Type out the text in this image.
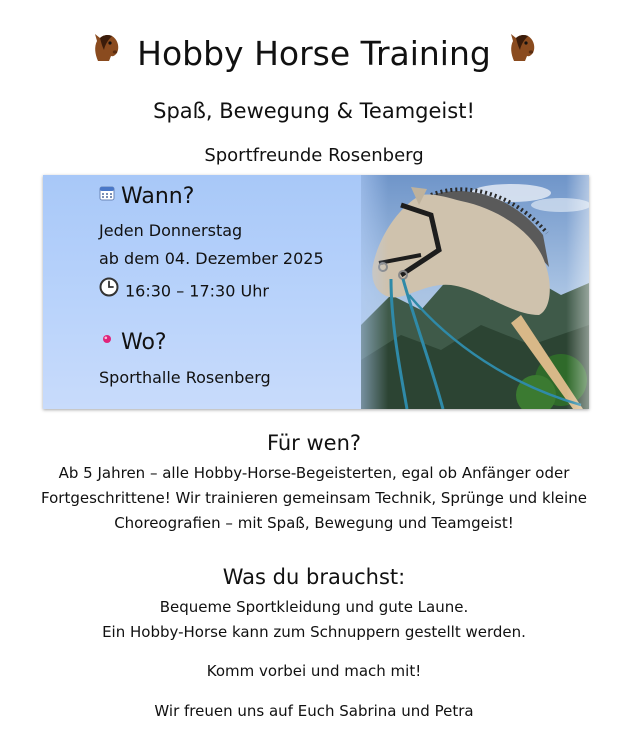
Hobby Horse Training
Spaß, Bewegung & Teamgeist!
Sportfreunde Rosenberg
Wann?
Jeden Donnerstag
ab dem 04. Dezember 2025
16:30 – 17:30 Uhr
Wo?
Sporthalle Rosenberg
Für wen?
Ab 5 Jahren – alle Hobby-Horse-Begeisterten, egal ob Anfänger oder
Fortgeschrittene! Wir trainieren gemeinsam Technik, Sprünge und kleine
Choreografien – mit Spaß, Bewegung und Teamgeist!
Was du brauchst:
Bequeme Sportkleidung und gute Laune.
Ein Hobby-Horse kann zum Schnuppern gestellt werden.
Komm vorbei und mach mit!
Wir freuen uns auf Euch Sabrina und Petra
